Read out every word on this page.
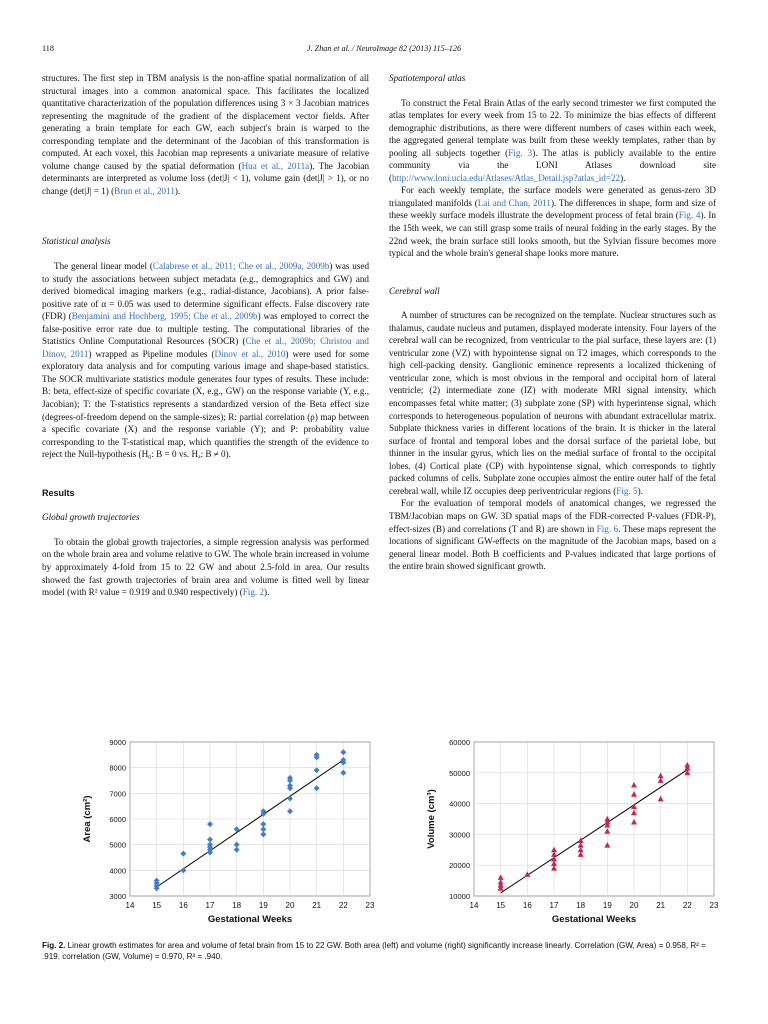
118	J. Zhan et al. / NeuroImage 82 (2013) 115–126

structures. The first step in TBM analysis is the non-affine spatial normalization of all structural images into a common anatomical space. This facilitates the localized quantitative characterization of the population differences using 3 × 3 Jacobian matrices representing the magnitude of the gradient of the displacement vector fields. After generating a brain template for each GW, each subject's brain is warped to the corresponding template and the determinant of the Jacobian of this transformation is computed. At each voxel, this Jacobian map represents a univariate measure of relative volume change caused by the spatial deformation (Hua et al., 2011a). The Jacobian determinants are interpreted as volume loss (det|J| < 1), volume gain (det|J| > 1), or no change (det|J| = 1) (Brun et al., 2011).

Statistical analysis

The general linear model (Calabrese et al., 2011; Che et al., 2009a, 2009b) was used to study the associations between subject metadata (e.g., demographics and GW) and derived biomedical imaging markers (e.g., radial-distance, Jacobians). A prior false-positive rate of α = 0.05 was used to determine significant effects. False discovery rate (FDR) (Benjamini and Hochberg, 1995; Che et al., 2009b) was employed to correct the false-positive error rate due to multiple testing. The computational libraries of the Statistics Online Computational Resources (SOCR) (Che et al., 2009b; Christou and Dinov, 2011) wrapped as Pipeline modules (Dinov et al., 2010) were used for some exploratory data analysis and for computing various image and shape-based statistics. The SOCR multivariate statistics module generates four types of results. These include: B: beta, effect-size of specific covariate (X, e.g., GW) on the response variable (Y, e.g., Jacobian); T: the T-statistics represents a standardized version of the Beta effect size (degrees-of-freedom depend on the sample-sizes); R: partial correlation (ρ) map between a specific covariate (X) and the response variable (Y); and P: probability value corresponding to the T-statistical map, which quantifies the strength of the evidence to reject the Null-hypothesis (H₀: B = 0 vs. Hₐ: B ≠ 0).

Results

Global growth trajectories

To obtain the global growth trajectories, a simple regression analysis was performed on the whole brain area and volume relative to GW. The whole brain increased in volume by approximately 4-fold from 15 to 22 GW and about 2.5-fold in area. Our results showed the fast growth trajectories of brain area and volume is fitted well by linear model (with R² value = 0.919 and 0.940 respectively) (Fig. 2).

Spatiotemporal atlas

To construct the Fetal Brain Atlas of the early second trimester we first computed the atlas templates for every week from 15 to 22. To minimize the bias effects of different demographic distributions, as there were different numbers of cases within each week, the aggregated general template was built from these weekly templates, rather than by pooling all subjects together (Fig. 3). The atlas is publicly available to the entire community via the LONI Atlases download site (http://www.loni.ucla.edu/Atlases/Atlas_Detail.jsp?atlas_id=22).

For each weekly template, the surface models were generated as genus-zero 3D triangulated manifolds (Lai and Chan, 2011). The differences in shape, form and size of these weekly surface models illustrate the development process of fetal brain (Fig. 4). In the 15th week, we can still grasp some trails of neural folding in the early stages. By the 22nd week, the brain surface still looks smooth, but the Sylvian fissure becomes more typical and the whole brain's general shape looks more mature.

Cerebral wall

A number of structures can be recognized on the template. Nuclear structures such as thalamus, caudate nucleus and putamen, displayed moderate intensity. Four layers of the cerebral wall can be recognized, from ventricular to the pial surface, these layers are: (1) ventricular zone (VZ) with hypointense signal on T2 images, which corresponds to the high cell-packing density. Ganglionic eminence represents a localized thickening of ventricular zone, which is most obvious in the temporal and occipital horn of lateral ventricle; (2) intermediate zone (IZ) with moderate MRI signal intensity, which encompasses fetal white matter; (3) subplate zone (SP) with hyperintense signal, which corresponds to heterogeneous population of neurons with abundant extracellular matrix. Subplate thickness varies in different locations of the brain. It is thicker in the lateral surface of frontal and temporal lobes and the dorsal surface of the parietal lobe, but thinner in the insular gyrus, which lies on the medial surface of frontal to the occipital lobes. (4) Cortical plate (CP) with hypointense signal, which corresponds to tightly packed columns of cells. Subplate zone occupies almost the entire outer half of the fetal cerebral wall, while IZ occupies deep periventricular regions (Fig. 5).

For the evaluation of temporal models of anatomical changes, we regressed the TBM/Jacobian maps on GW. 3D spatial maps of the FDR-corrected P-values (FDR-P), effect-sizes (B) and correlations (T and R) are shown in Fig. 6. These maps represent the locations of significant GW-effects on the magnitude of the Jacobian maps, based on a general linear model. Both B coefficients and P-values indicated that large portions of the entire brain showed significant growth.

14 15 16 17 18 19 20 21 22 23
3000
4000
5000
6000
7000
8000
9000
Gestational Weeks
Area (cm²)
14 15 16 17 18 19 20 21 22 23
10000
20000
30000
40000
50000
60000
Gestational Weeks
Volume (cm³)
Fig. 2. Linear growth estimates for area and volume of fetal brain from 15 to 22 GW. Both area (left) and volume (right) significantly increase linearly. Correlation (GW, Area) = 0.958, R² = .919. correlation (GW, Volume) = 0.970, R² = .940.
